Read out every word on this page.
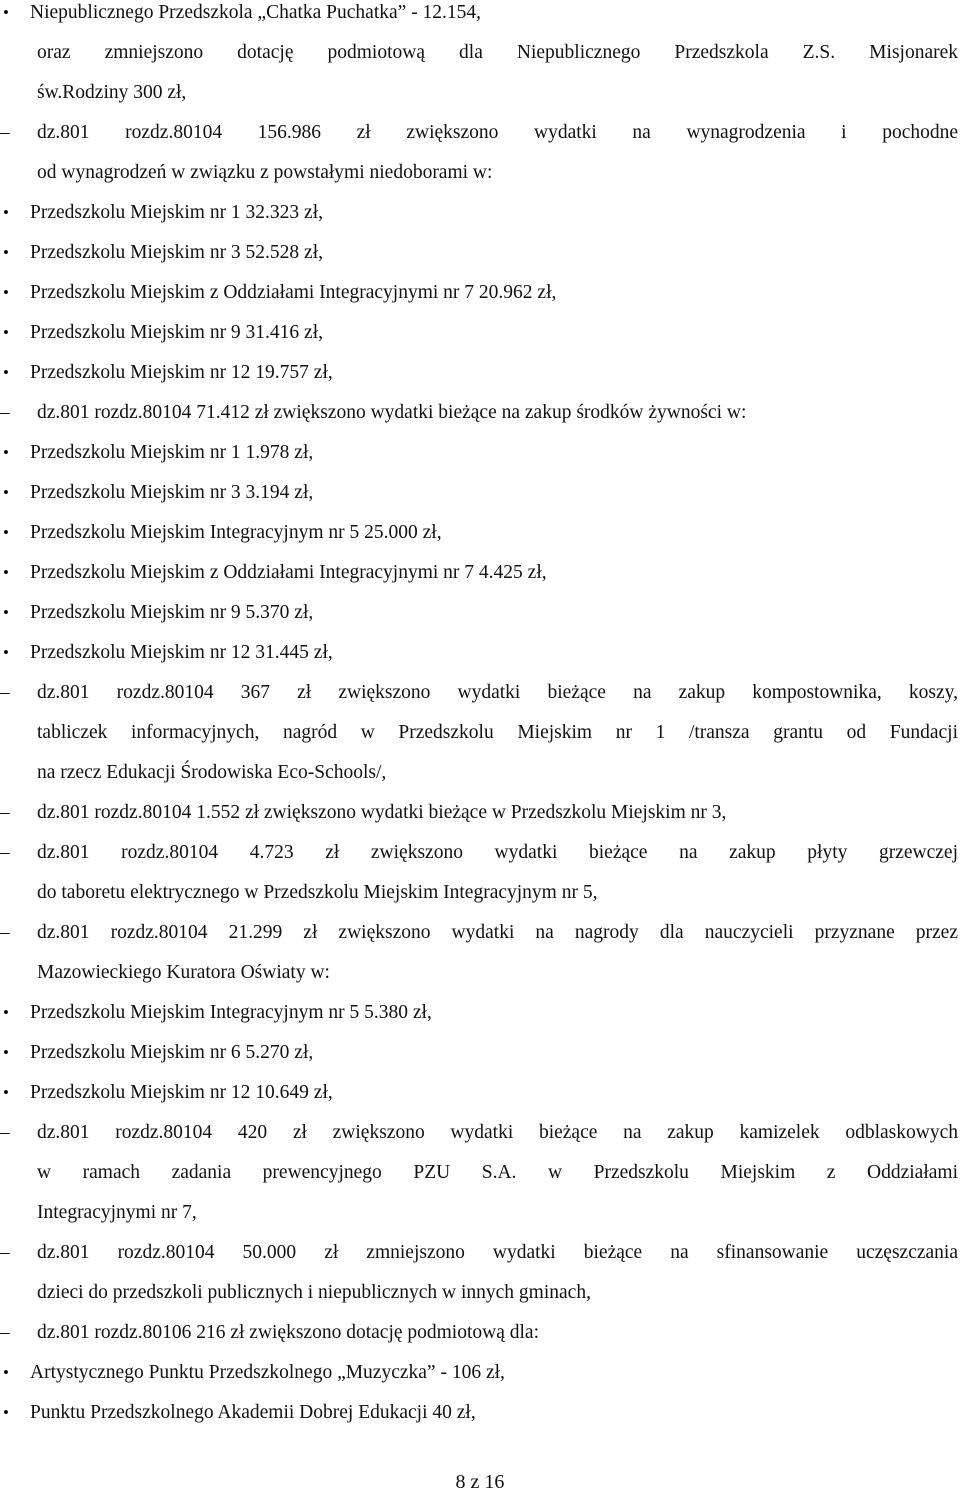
•	Niepublicznego Przedszkola „Chatka Puchatka” - 12.154,
oraz zmniejszono dotację podmiotową dla Niepublicznego Przedszkola Z.S. Misjonarek
św.Rodziny 300 zł,
–	dz.801 rozdz.80104 156.986 zł zwiększono wydatki na wynagrodzenia i pochodne
od wynagrodzeń w związku z powstałymi niedoborami w:
•	Przedszkolu Miejskim nr 1 32.323 zł,
•	Przedszkolu Miejskim nr 3 52.528 zł,
•	Przedszkolu Miejskim z Oddziałami Integracyjnymi nr 7 20.962 zł,
•	Przedszkolu Miejskim nr 9 31.416 zł,
•	Przedszkolu Miejskim nr 12 19.757 zł,
–	dz.801 rozdz.80104 71.412 zł zwiększono wydatki bieżące na zakup środków żywności w:
•	Przedszkolu Miejskim nr 1 1.978 zł,
•	Przedszkolu Miejskim nr 3 3.194 zł,
•	Przedszkolu Miejskim Integracyjnym nr 5 25.000 zł,
•	Przedszkolu Miejskim z Oddziałami Integracyjnymi nr 7 4.425 zł,
•	Przedszkolu Miejskim nr 9 5.370 zł,
•	Przedszkolu Miejskim nr 12 31.445 zł,
–	dz.801 rozdz.80104 367 zł zwiększono wydatki bieżące na zakup kompostownika, koszy,
tabliczek informacyjnych, nagród w Przedszkolu Miejskim nr 1 /transza grantu od Fundacji
na rzecz Edukacji Środowiska Eco-Schools/,
–	dz.801 rozdz.80104 1.552 zł zwiększono wydatki bieżące w Przedszkolu Miejskim nr 3,
–	dz.801 rozdz.80104 4.723 zł zwiększono wydatki bieżące na zakup płyty grzewczej
do taboretu elektrycznego w Przedszkolu Miejskim Integracyjnym nr 5,
–	dz.801 rozdz.80104 21.299 zł zwiększono wydatki na nagrody dla nauczycieli przyznane przez
Mazowieckiego Kuratora Oświaty w:
•	Przedszkolu Miejskim Integracyjnym nr 5 5.380 zł,
•	Przedszkolu Miejskim nr 6 5.270 zł,
•	Przedszkolu Miejskim nr 12 10.649 zł,
–	dz.801 rozdz.80104 420 zł zwiększono wydatki bieżące na zakup kamizelek odblaskowych
w ramach zadania prewencyjnego PZU S.A. w Przedszkolu Miejskim z Oddziałami
Integracyjnymi nr 7,
–	dz.801 rozdz.80104 50.000 zł zmniejszono wydatki bieżące na sfinansowanie uczęszczania
dzieci do przedszkoli publicznych i niepublicznych w innych gminach,
–	dz.801 rozdz.80106 216 zł zwiększono dotację podmiotową dla:
•	Artystycznego Punktu Przedszkolnego „Muzyczka” - 106 zł,
•	Punktu Przedszkolnego Akademii Dobrej Edukacji 40 zł,
8 z 16
